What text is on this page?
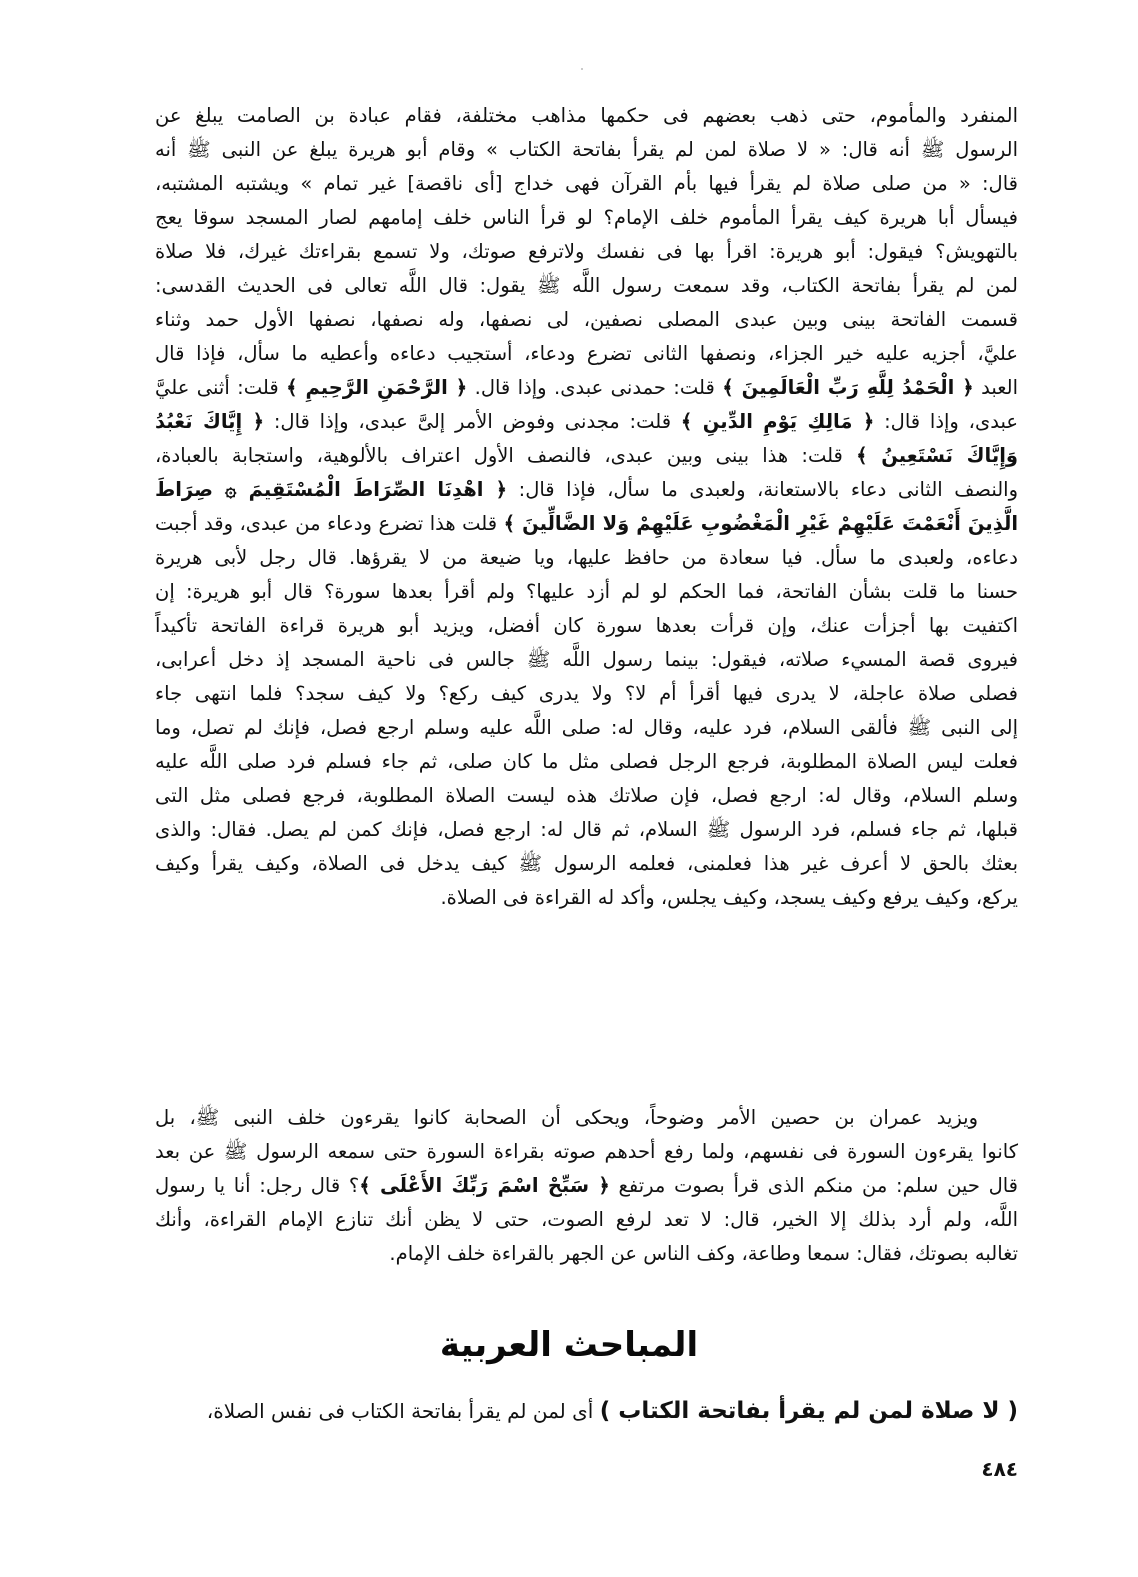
المنفرد والمأموم، حتى ذهب بعضهم فى حكمها مذاهب مختلفة، فقام عبادة بن الصامت يبلغ عن
الرسول ﷺ أنه قال: « لا صلاة لمن لم يقرأ بفاتحة الكتاب » وقام أبو هريرة يبلغ عن النبى ﷺ أنه
قال: « من صلى صلاة لم يقرأ فيها بأم القرآن فهى خداج [أى ناقصة] غير تمام » ويشتبه المشتبه،
فيسأل أبا هريرة كيف يقرأ المأموم خلف الإمام؟ لو قرأ الناس خلف إمامهم لصار المسجد سوقا يعج
بالتهويش؟ فيقول: أبو هريرة: اقرأ بها فى نفسك ولاترفع صوتك، ولا تسمع بقراءتك غيرك، فلا صلاة
لمن لم يقرأ بفاتحة الكتاب، وقد سمعت رسول اللَّه ﷺ يقول: قال اللَّه تعالى فى الحديث القدسى:
قسمت الفاتحة بينى وبين عبدى المصلى نصفين، لى نصفها، وله نصفها، نصفها الأول حمد وثناء
عليَّ، أجزيه عليه خير الجزاء، ونصفها الثانى تضرع ودعاء، أستجيب دعاءه وأعطيه ما سأل، فإذا قال
العبد ﴿ الْحَمْدُ لِلَّهِ رَبِّ الْعَالَمِينَ ﴾ قلت: حمدنى عبدى. وإذا قال. ﴿ الرَّحْمَنِ الرَّحِيمِ ﴾ قلت: أثنى عليَّ
عبدى، وإذا قال: ﴿ مَالِكِ يَوْمِ الدِّينِ ﴾ قلت: مجدنى وفوض الأمر إلىَّ عبدى، وإذا قال: ﴿ إِيَّاكَ نَعْبُدُ
وَإِيَّاكَ نَسْتَعِينُ ﴾ قلت: هذا بينى وبين عبدى، فالنصف الأول اعتراف بالألوهية، واستجابة بالعبادة،
والنصف الثانى دعاء بالاستعانة، ولعبدى ما سأل، فإذا قال: ﴿ اهْدِنَا الصِّرَاطَ الْمُسْتَقِيمَ ۞ صِرَاطَ
الَّذِينَ أَنْعَمْتَ عَلَيْهِمْ غَيْرِ الْمَغْضُوبِ عَلَيْهِمْ وَلا الضَّالِّينَ ﴾ قلت هذا تضرع ودعاء من عبدى، وقد أجبت
دعاءه، ولعبدى ما سأل. فيا سعادة من حافظ عليها، ويا ضيعة من لا يقرؤها. قال رجل لأبى هريرة
حسنا ما قلت بشأن الفاتحة، فما الحكم لو لم أزد عليها؟ ولم أقرأ بعدها سورة؟ قال أبو هريرة: إن
اكتفيت بها أجزأت عنك، وإن قرأت بعدها سورة كان أفضل، ويزيد أبو هريرة قراءة الفاتحة تأكيداً
فيروى قصة المسيء صلاته، فيقول: بينما رسول اللَّه ﷺ جالس فى ناحية المسجد إذ دخل أعرابى،
فصلى صلاة عاجلة، لا يدرى فيها أقرأ أم لا؟ ولا يدرى كيف ركع؟ ولا كيف سجد؟ فلما انتهى جاء
إلى النبى ﷺ فألقى السلام، فرد عليه، وقال له: صلى اللَّه عليه وسلم ارجع فصل، فإنك لم تصل، وما
فعلت ليس الصلاة المطلوبة، فرجع الرجل فصلى مثل ما كان صلى، ثم جاء فسلم فرد صلى اللَّه عليه
وسلم السلام، وقال له: ارجع فصل، فإن صلاتك هذه ليست الصلاة المطلوبة، فرجع فصلى مثل التى
قبلها، ثم جاء فسلم، فرد الرسول ﷺ السلام، ثم قال له: ارجع فصل، فإنك كمن لم يصل. فقال: والذى
بعثك بالحق لا أعرف غير هذا فعلمنى، فعلمه الرسول ﷺ كيف يدخل فى الصلاة، وكيف يقرأ وكيف
يركع، وكيف يرفع وكيف يسجد، وكيف يجلس، وأكد له القراءة فى الصلاة.
ويزيد عمران بن حصين الأمر وضوحاً، ويحكى أن الصحابة كانوا يقرءون خلف النبى ﷺ، بل
كانوا يقرءون السورة فى نفسهم، ولما رفع أحدهم صوته بقراءة السورة حتى سمعه الرسول ﷺ عن بعد
قال حين سلم: من منكم الذى قرأ بصوت مرتفع ﴿ سَبِّحْ اسْمَ رَبِّكَ الأَعْلَى ﴾؟ قال رجل: أنا يا رسول
اللَّه، ولم أرد بذلك إلا الخير، قال: لا تعد لرفع الصوت، حتى لا يظن أنك تنازع الإمام القراءة، وأنك
تغالبه بصوتك، فقال: سمعا وطاعة، وكف الناس عن الجهر بالقراءة خلف الإمام.
المباحث العربية
( لا صلاة لمن لم يقرأ بفاتحة الكتاب ) أى لمن لم يقرأ بفاتحة الكتاب فى نفس الصلاة،
٤٨٤
